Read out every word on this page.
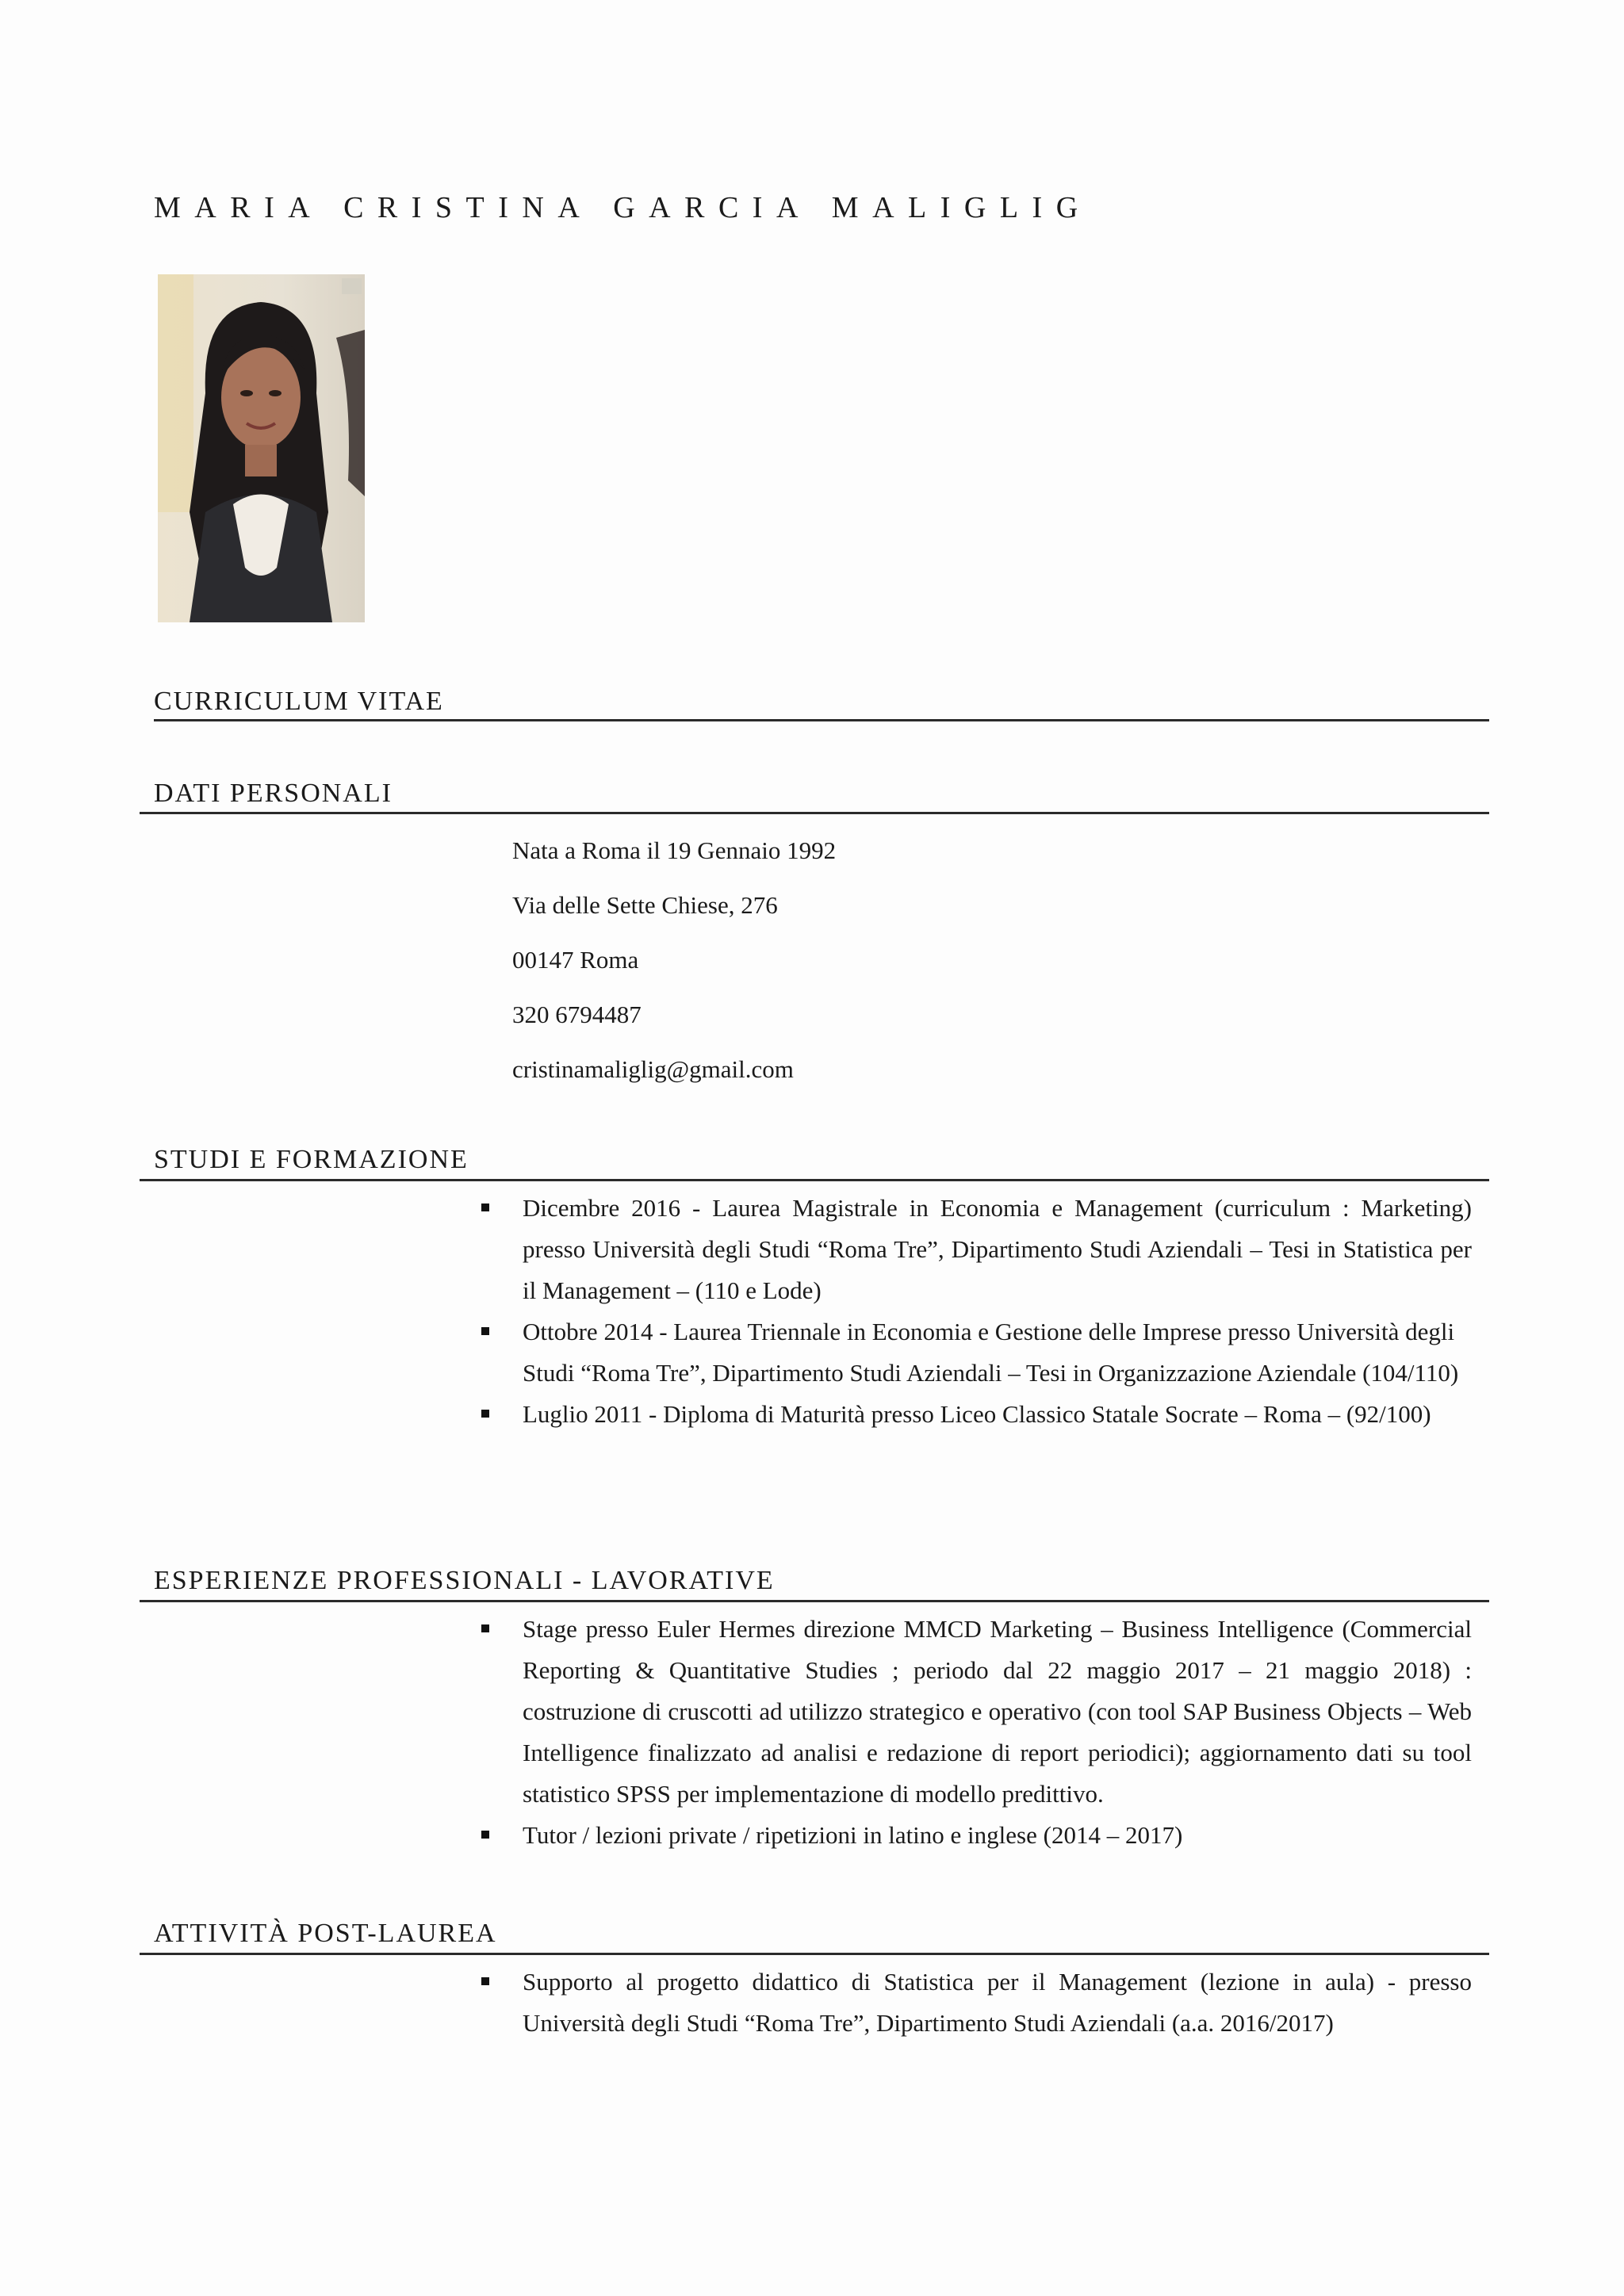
MARIA CRISTINA GARCIA MALIGLIG
CURRICULUM VITAE
DATI PERSONALI
Nata a Roma il 19 Gennaio 1992
Via delle Sette Chiese, 276
00147 Roma
320 6794487
cristinamaliglig@gmail.com
STUDI E FORMAZIONE
Dicembre 2016 - Laurea Magistrale in Economia e Management (curriculum : Marketing) presso Università degli Studi “Roma Tre”, Dipartimento Studi Aziendali – Tesi in Statistica per il Management – (110 e Lode)
Ottobre 2014 - Laurea Triennale in Economia e Gestione delle Imprese presso Università degli Studi “Roma Tre”, Dipartimento Studi Aziendali – Tesi in Organizzazione Aziendale (104/110)
Luglio 2011 - Diploma di Maturità presso Liceo Classico Statale Socrate – Roma – (92/100)
ESPERIENZE PROFESSIONALI - LAVORATIVE
Stage presso Euler Hermes direzione MMCD Marketing – Business Intelligence (Commercial Reporting & Quantitative Studies ; periodo dal 22 maggio 2017 – 21 maggio 2018) : costruzione di cruscotti ad utilizzo strategico e operativo (con tool SAP Business Objects – Web Intelligence finalizzato ad analisi e redazione di report periodici); aggiornamento dati su tool statistico SPSS per implementazione di modello predittivo.
Tutor / lezioni private / ripetizioni in latino e inglese (2014 – 2017)
ATTIVITÀ POST-LAUREA
Supporto al progetto didattico di Statistica per il Management (lezione in aula) - presso Università degli Studi “Roma Tre”, Dipartimento Studi Aziendali (a.a. 2016/2017)
